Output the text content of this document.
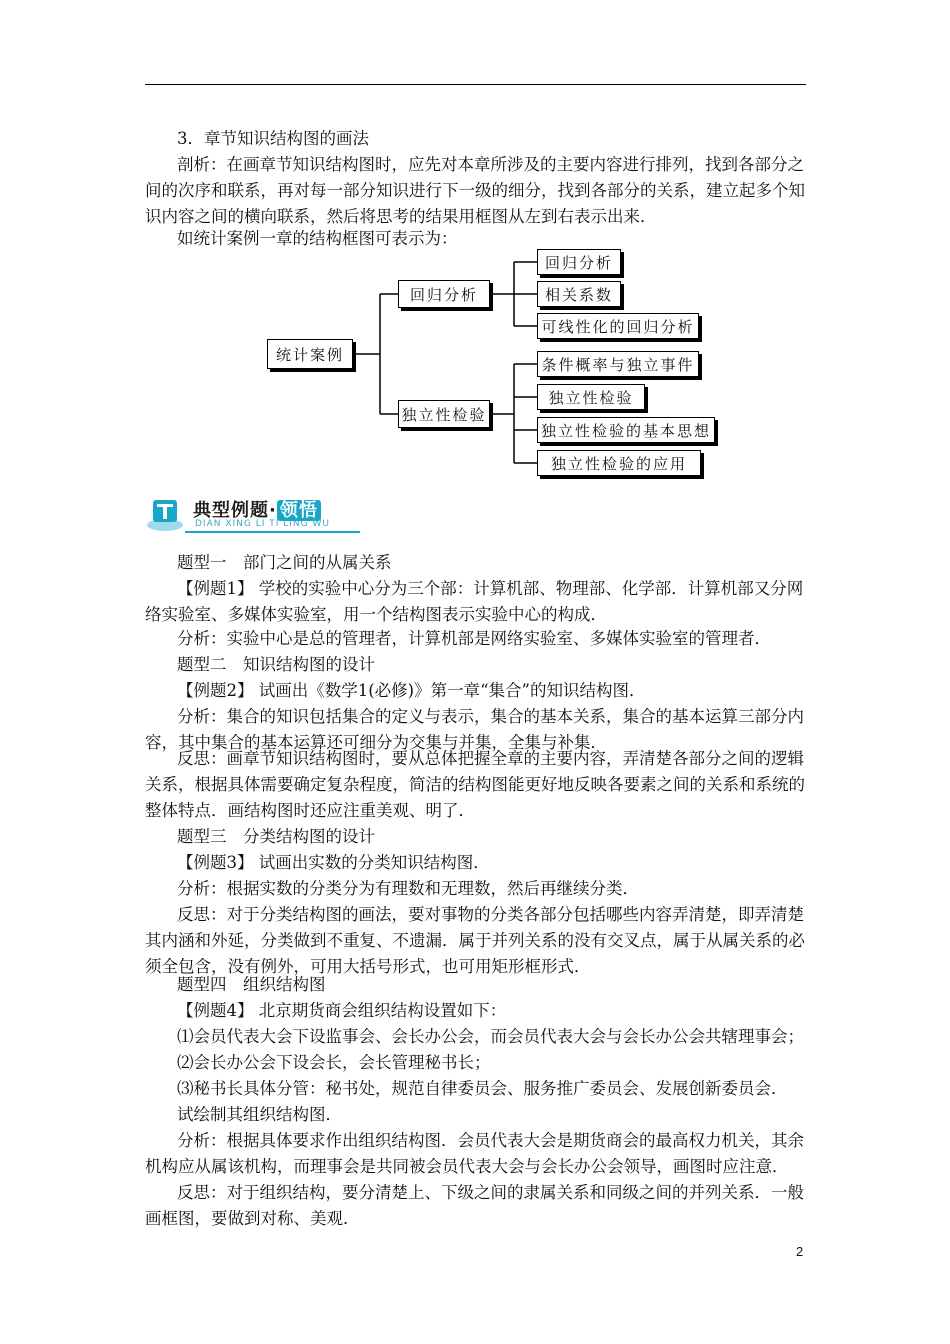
3．章节知识结构图的画法

剖析：在画章节知识结构图时，应先对本章所涉及的主要内容进行排列，找到各部分之间的次序和联系，再对每一部分知识进行下一级的细分，找到各部分的关系，建立起多个知识内容之间的横向联系，然后将思考的结果用框图从左到右表示出来．

如统计案例一章的结构框图可表示为：
统计案例
回归分析
独立性检验
回归分析
相关系数
可线性化的回归分析
条件概率与独立事件
独立性检验
独立性检验的基本思想
独立性检验的应用
典型例题· 领悟
DIAN XING LI TI LING WU
题型一　部门之间的从属关系

【例题1】 学校的实验中心分为三个部：计算机部、物理部、化学部．计算机部又分网络实验室、多媒体实验室，用一个结构图表示实验中心的构成．

分析：实验中心是总的管理者，计算机部是网络实验室、多媒体实验室的管理者．
题型二　知识结构图的设计
【例题2】 试画出《数学1(必修)》第一章“集合”的知识结构图．

分析：集合的知识包括集合的定义与表示，集合的基本关系，集合的基本运算三部分内容，其中集合的基本运算还可细分为交集与并集，全集与补集．

反思：画章节知识结构图时，要从总体把握全章的主要内容，弄清楚各部分之间的逻辑关系，根据具体需要确定复杂程度，简洁的结构图能更好地反映各要素之间的关系和系统的整体特点．画结构图时还应注重美观、明了．

题型三　分类结构图的设计
【例题3】 试画出实数的分类知识结构图．
分析：根据实数的分类分为有理数和无理数，然后再继续分类．

反思：对于分类结构图的画法，要对事物的分类各部分包括哪些内容弄清楚，即弄清楚其内涵和外延，分类做到不重复、不遗漏．属于并列关系的没有交叉点，属于从属关系的必须全包含，没有例外，可用大括号形式，也可用矩形框形式．

题型四　组织结构图
【例题4】 北京期货商会组织结构设置如下：
⑴会员代表大会下设监事会、会长办公会，而会员代表大会与会长办公会共辖理事会；
⑵会长办公会下设会长，会长管理秘书长；
⑶秘书长具体分管：秘书处，规范自律委员会、服务推广委员会、发展创新委员会．
试绘制其组织结构图．

分析：根据具体要求作出组织结构图．会员代表大会是期货商会的最高权力机关，其余机构应从属该机构，而理事会是共同被会员代表大会与会长办公会领导，画图时应注意．

反思：对于组织结构，要分清楚上、下级之间的隶属关系和同级之间的并列关系．一般画框图，要做到对称、美观．

2
